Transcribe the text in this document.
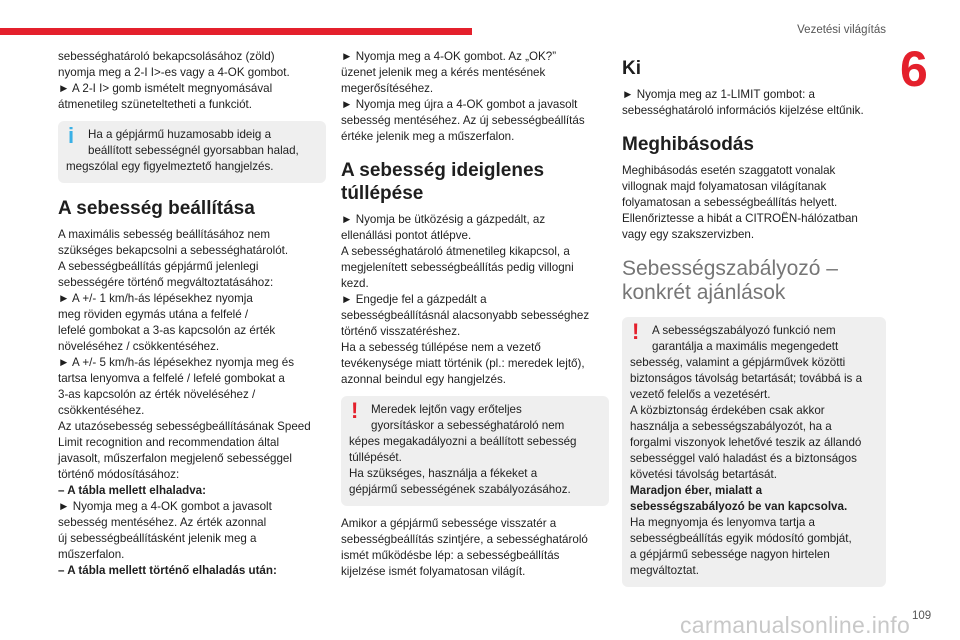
Vezetési világítás
6

sebességhatároló bekapcsolásához (zöld)

nyomja meg a 2-I I>-es vagy a 4-OK gombot.

► A 2-I I> gomb ismételt megnyomásával

átmenetileg szüneteltetheti a funkciót.

i	Ha a gépjármű huzamosabb ideig a

beállított sebességnél gyorsabban halad,

megszólal egy figyelmeztető hangjelzés.

A sebesség beállítása

A maximális sebesség beállításához nem

szükséges bekapcsolni a sebességhatárolót.

A sebességbeállítás gépjármű jelenlegi

sebességére történő megváltoztatásához:

► A +/- 1 km/h-ás lépésekhez nyomja

meg röviden egymás utána a felfelé /

lefelé gombokat a 3-as kapcsolón az érték

növeléséhez / csökkentéséhez.

► A +/- 5 km/h-ás lépésekhez nyomja meg és

tartsa lenyomva a felfelé / lefelé gombokat a

3-as kapcsolón az érték növeléséhez /

csökkentéséhez.

Az utazósebesség sebességbeállításának Speed

Limit recognition and recommendation által

javasolt, műszerfalon megjelenő sebességgel

történő módosításához:

– A tábla mellett elhaladva:

► Nyomja meg a 4-OK gombot a javasolt

sebesség mentéséhez. Az érték azonnal

új sebességbeállításként jelenik meg a

műszerfalon.

– A tábla mellett történő elhaladás után:

► Nyomja meg a 4-OK gombot. Az „OK?”

üzenet jelenik meg a kérés mentésének

megerősítéséhez.

► Nyomja meg újra a 4-OK gombot a javasolt

sebesség mentéséhez. Az új sebességbeállítás

értéke jelenik meg a műszerfalon.

A sebesség ideiglenes
túllépése

► Nyomja be ütközésig a gázpedált, az

ellenállási pontot átlépve.

A sebességhatároló átmenetileg kikapcsol, a

megjelenített sebességbeállítás pedig villogni

kezd.

► Engedje fel a gázpedált a

sebességbeállításnál alacsonyabb sebességhez

történő visszatéréshez.

Ha a sebesség túllépése nem a vezető

tevékenysége miatt történik (pl.: meredek lejtő),

azonnal beindul egy hangjelzés.

!	Meredek lejtőn vagy erőteljes

gyorsításkor a sebességhatároló nem

képes megakadályozni a beállított sebesség

túllépését.

Ha szükséges, használja a fékeket a

gépjármű sebességének szabályozásához.

Amikor a gépjármű sebessége visszatér a

sebességbeállítás szintjére, a sebességhatároló

ismét működésbe lép: a sebességbeállítás

kijelzése ismét folyamatosan világít.

Ki

► Nyomja meg az 1-LIMIT gombot: a

sebességhatároló információs kijelzése eltűnik.

Meghibásodás

Meghibásodás esetén szaggatott vonalak

villognak majd folyamatosan világítanak

folyamatosan a sebességbeállítás helyett.

Ellenőriztesse a hibát a CITROËN-hálózatban

vagy egy szakszervizben.

Sebességszabályozó –
konkrét ajánlások
!	A sebességszabályozó funkció nem

garantálja a maximális megengedett

sebesség, valamint a gépjárművek közötti

biztonságos távolság betartását; továbbá is a

vezető felelős a vezetésért.

A közbiztonság érdekében csak akkor

használja a sebességszabályozót, ha a

forgalmi viszonyok lehetővé teszik az állandó

sebességgel való haladást és a biztonságos

követési távolság betartását.

Maradjon éber, mialatt a

sebességszabályozó be van kapcsolva.

Ha megnyomja és lenyomva tartja a

sebességbeállítás egyik módosító gombját,

a gépjármű sebessége nagyon hirtelen

megváltoztat.

carmanualsonline.info 109
